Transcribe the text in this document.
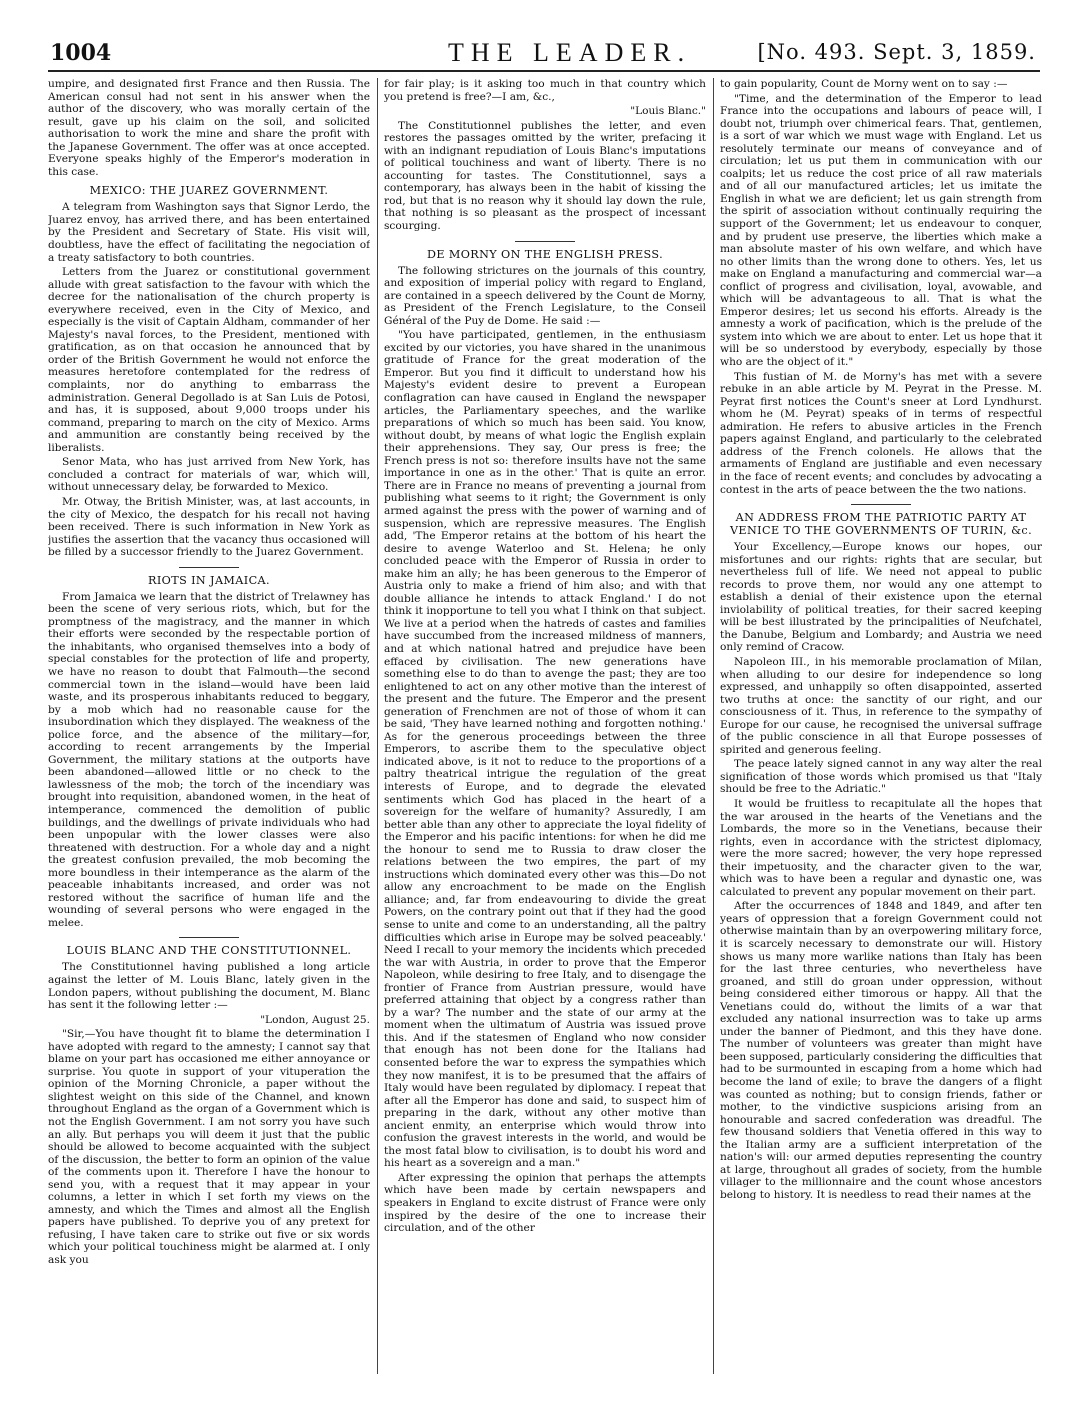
1004	THE LEADER.	[No. 493. Sept. 3, 1859.

umpire, and designated first France and then Russia. The American consul had not sent in his answer when the author of the discovery, who was morally certain of the result, gave up his claim on the soil, and solicited authorisation to work the mine and share the profit with the Japanese Government. The offer was at once accepted. Everyone speaks highly of the Emperor's moderation in this case.

MEXICO: THE JUAREZ GOVERNMENT.

A telegram from Washington says that Signor Lerdo, the Juarez envoy, has arrived there, and has been entertained by the President and Secretary of State. His visit will, doubtless, have the effect of facilitating the negociation of a treaty satisfactory to both countries.

Letters from the Juarez or constitutional government allude with great satisfaction to the favour with which the decree for the nationalisation of the church property is everywhere received, even in the City of Mexico, and especially is the visit of Captain Aldham, commander of her Majesty's naval forces, to the President, mentioned with gratification, as on that occasion he announced that by order of the British Government he would not enforce the measures heretofore contemplated for the redress of complaints, nor do anything to embarrass the administration. General Degollado is at San Luis de Potosi, and has, it is supposed, about 9,000 troops under his command, preparing to march on the city of Mexico. Arms and ammunition are constantly being received by the liberalists.

Senor Mata, who has just arrived from New York, has concluded a contract for materials of war, which will, without unnecessary delay, be forwarded to Mexico.

Mr. Otway, the British Minister, was, at last accounts, in the city of Mexico, the despatch for his recall not having been received. There is such information in New York as justifies the assertion that the vacancy thus occasioned will be filled by a successor friendly to the Juarez Government.

RIOTS IN JAMAICA.

From Jamaica we learn that the district of Trelawney has been the scene of very serious riots, which, but for the promptness of the magistracy, and the manner in which their efforts were seconded by the respectable portion of the inhabitants, who organised themselves into a body of special constables for the protection of life and property, we have no reason to doubt that Falmouth—the second commercial town in the island—would have been laid waste, and its prosperous inhabitants reduced to beggary, by a mob which had no reasonable cause for the insubordination which they displayed. The weakness of the police force, and the absence of the military—for, according to recent arrangements by the Imperial Government, the military stations at the outports have been abandoned—allowed little or no check to the lawlessness of the mob; the torch of the incendiary was brought into requisition, abandoned women, in the heat of intemperance, commenced the demolition of public buildings, and the dwellings of private individuals who had been unpopular with the lower classes were also threatened with destruction. For a whole day and a night the greatest confusion prevailed, the mob becoming the more boundless in their intemperance as the alarm of the peaceable inhabitants increased, and order was not restored without the sacrifice of human life and the wounding of several persons who were engaged in the melee.

LOUIS BLANC AND THE CONSTITUTIONNEL.

The Constitutionnel having published a long article against the letter of M. Louis Blanc, lately given in the London papers, without publishing the document, M. Blanc has sent it the following letter :—

"London, August 25.

"Sir,—You have thought fit to blame the determination I have adopted with regard to the amnesty; I cannot say that blame on your part has occasioned me either annoyance or surprise. You quote in support of your vituperation the opinion of the Morning Chronicle, a paper without the slightest weight on this side of the Channel, and known throughout England as the organ of a Government which is not the English Government. I am not sorry you have such an ally. But perhaps you will deem it just that the public should be allowed to become acquainted with the subject of the discussion, the better to form an opinion of the value of the comments upon it. Therefore I have the honour to send you, with a request that it may appear in your columns, a letter in which I set forth my views on the amnesty, and which the Times and almost all the English papers have published. To deprive you of any pretext for refusing, I have taken care to strike out five or six words which your political touchiness might be alarmed at. I only ask you

for fair play; is it asking too much in that country which you pretend is free?—I am, &c.,

"Louis Blanc."

The Constitutionnel publishes the letter, and even restores the passages omitted by the writer, prefacing it with an indignant repudiation of Louis Blanc's imputations of political touchiness and want of liberty. There is no accounting for tastes. The Constitutionnel, says a contemporary, has always been in the habit of kissing the rod, but that is no reason why it should lay down the rule, that nothing is so pleasant as the prospect of incessant scourging.

DE MORNY ON THE ENGLISH PRESS.

The following strictures on the journals of this country, and exposition of imperial policy with regard to England, are contained in a speech delivered by the Count de Morny, as President of the French Legislature, to the Conseil Général of the Puy de Dome. He said :—

"You have participated, gentlemen, in the enthusiasm excited by our victories, you have shared in the unanimous gratitude of France for the great moderation of the Emperor. But you find it difficult to understand how his Majesty's evident desire to prevent a European conflagration can have caused in England the newspaper articles, the Parliamentary speeches, and the warlike preparations of which so much has been said. You know, without doubt, by means of what logic the English explain their apprehensions. They say, Our press is free; the French press is not so: therefore insults have not the same importance in one as in the other.' That is quite an error. There are in France no means of preventing a journal from publishing what seems to it right; the Government is only armed against the press with the power of warning and of suspension, which are repressive measures. The English add, 'The Emperor retains at the bottom of his heart the desire to avenge Waterloo and St. Helena; he only concluded peace with the Emperor of Russia in order to make him an ally; he has been generous to the Emperor of Austria only to make a friend of him also; and with that double alliance he intends to attack England.' I do not think it inopportune to tell you what I think on that subject. We live at a period when the hatreds of castes and families have succumbed from the increased mildness of manners, and at which national hatred and prejudice have been effaced by civilisation. The new generations have something else to do than to avenge the past; they are too enlightened to act on any other motive than the interest of the present and the future. The Emperor and the present generation of Frenchmen are not of those of whom it can be said, 'They have learned nothing and forgotten nothing.' As for the generous proceedings between the three Emperors, to ascribe them to the speculative object indicated above, is it not to reduce to the proportions of a paltry theatrical intrigue the regulation of the great interests of Europe, and to degrade the elevated sentiments which God has placed in the heart of a sovereign for the welfare of humanity? Assuredly, I am better able than any other to appreciate the loyal fidelity of the Emperor and his pacific intentions: for when he did me the honour to send me to Russia to draw closer the relations between the two empires, the part of my instructions which dominated every other was this—Do not allow any encroachment to be made on the English alliance; and, far from endeavouring to divide the great Powers, on the contrary point out that if they had the good sense to unite and come to an understanding, all the paltry difficulties which arise in Europe may be solved peaceably.' Need I recall to your memory the incidents which preceded the war with Austria, in order to prove that the Emperor Napoleon, while desiring to free Italy, and to disengage the frontier of France from Austrian pressure, would have preferred attaining that object by a congress rather than by a war? The number and the state of our army at the moment when the ultimatum of Austria was issued prove this. And if the statesmen of England who now consider that enough has not been done for the Italians had consented before the war to express the sympathies which they now manifest, it is to be presumed that the affairs of Italy would have been regulated by diplomacy. I repeat that after all the Emperor has done and said, to suspect him of preparing in the dark, without any other motive than ancient enmity, an enterprise which would throw into confusion the gravest interests in the world, and would be the most fatal blow to civilisation, is to doubt his word and his heart as a sovereign and a man."

After expressing the opinion that perhaps the attempts which have been made by certain newspapers and speakers in England to excite distrust of France were only inspired by the desire of the one to increase their circulation, and of the other

to gain popularity, Count de Morny went on to say :—

"Time, and the determination of the Emperor to lead France into the occupations and labours of peace will, I doubt not, triumph over chimerical fears. That, gentlemen, is a sort of war which we must wage with England. Let us resolutely terminate our means of conveyance and of circulation; let us put them in communication with our coalpits; let us reduce the cost price of all raw materials and of all our manufactured articles; let us imitate the English in what we are deficient; let us gain strength from the spirit of association without continually requiring the support of the Government; let us endeavour to conquer, and by prudent use preserve, the liberties which make a man absolute master of his own welfare, and which have no other limits than the wrong done to others. Yes, let us make on England a manufacturing and commercial war—a conflict of progress and civilisation, loyal, avowable, and which will be advantageous to all. That is what the Emperor desires; let us second his efforts. Already is the amnesty a work of pacification, which is the prelude of the system into which we are about to enter. Let us hope that it will be so understood by everybody, especially by those who are the object of it."

This fustian of M. de Morny's has met with a severe rebuke in an able article by M. Peyrat in the Presse. M. Peyrat first notices the Count's sneer at Lord Lyndhurst. whom he (M. Peyrat) speaks of in terms of respectful admiration. He refers to abusive articles in the French papers against England, and particularly to the celebrated address of the French colonels. He allows that the armaments of England are justifiable and even necessary in the face of recent events; and concludes by advocating a contest in the arts of peace between the the two nations.

AN ADDRESS FROM THE PATRIOTIC PARTY AT VENICE TO THE GOVERNMENTS OF TURIN, &c.

Your Excellency,—Europe knows our hopes, our misfortunes and our rights: rights that are secular, but nevertheless full of life. We need not appeal to public records to prove them, nor would any one attempt to establish a denial of their existence upon the eternal inviolability of political treaties, for their sacred keeping will be best illustrated by the principalities of Neufchatel, the Danube, Belgium and Lombardy; and Austria we need only remind of Cracow.

Napoleon III., in his memorable proclamation of Milan, when alluding to our desire for independence so long expressed, and unhappily so often disappointed, asserted two truths at once: the sanctity of our right, and our consciousness of it. Thus, in reference to the sympathy of Europe for our cause, he recognised the universal suffrage of the public conscience in all that Europe possesses of spirited and generous feeling.

The peace lately signed cannot in any way alter the real signification of those words which promised us that "Italy should be free to the Adriatic."

It would be fruitless to recapitulate all the hopes that the war aroused in the hearts of the Venetians and the Lombards, the more so in the Venetians, because their rights, even in accordance with the strictest diplomacy, were the more sacred; however, the very hope repressed their impetuosity, and the character given to the war, which was to have been a regular and dynastic one, was calculated to prevent any popular movement on their part.

After the occurrences of 1848 and 1849, and after ten years of oppression that a foreign Government could not otherwise maintain than by an overpowering military force, it is scarcely necessary to demonstrate our will. History shows us many more warlike nations than Italy has been for the last three centuries, who nevertheless have groaned, and still do groan under oppression, without being considered either timorous or happy. All that the Venetians could do, without the limits of a war that excluded any national insurrection was to take up arms under the banner of Piedmont, and this they have done. The number of volunteers was greater than might have been supposed, particularly considering the difficulties that had to be surmounted in escaping from a home which had become the land of exile; to brave the dangers of a flight was counted as nothing; but to consign friends, father or mother, to the vindictive suspicions arising from an honourable and sacred confederation was dreadful. The few thousand soldiers that Venetia offered in this way to the Italian army are a sufficient interpretation of the nation's will: our armed deputies representing the country at large, throughout all grades of society, from the humble villager to the millionnaire and the count whose ancestors belong to history. It is needless to read their names at the
